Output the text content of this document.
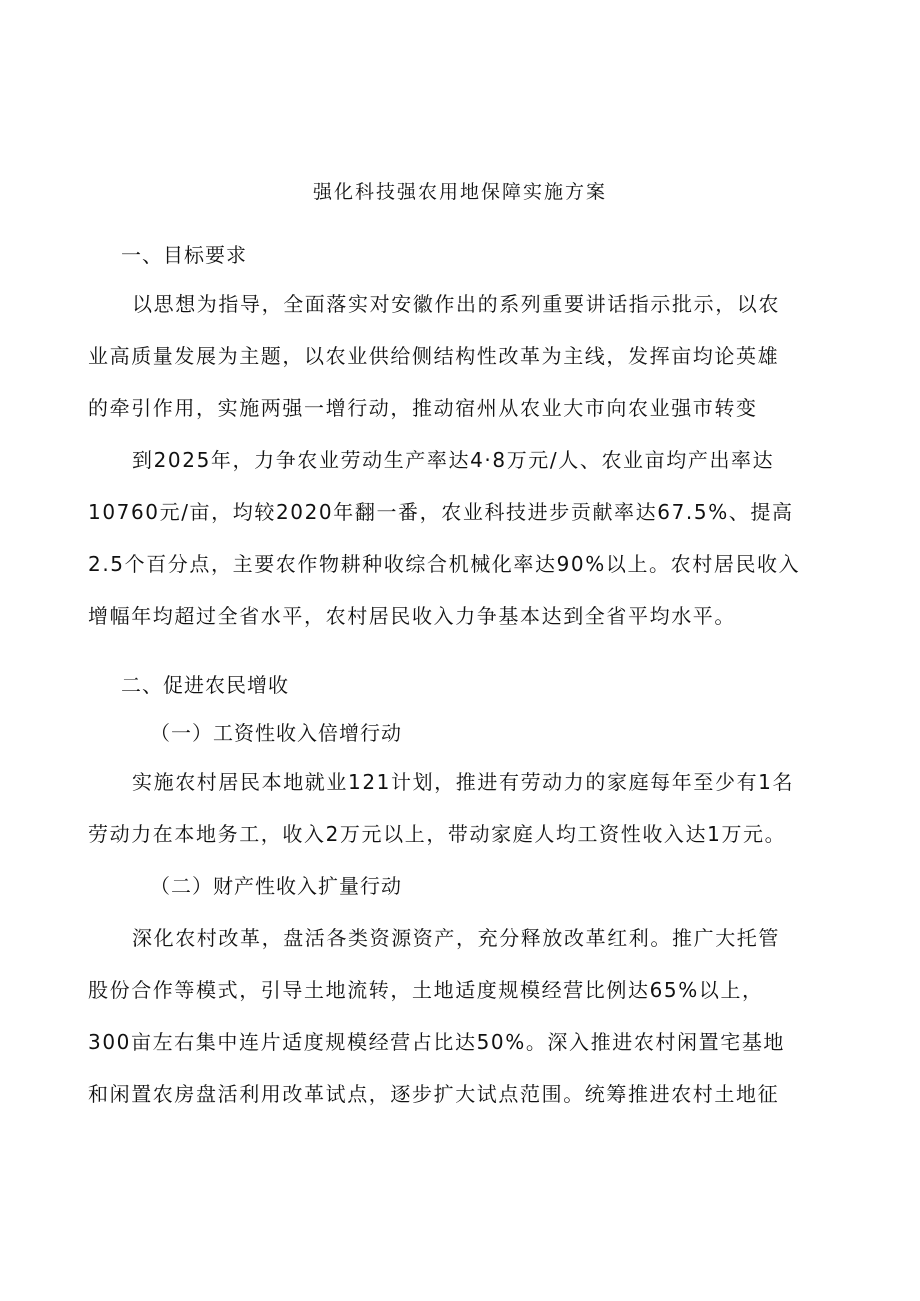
强化科技强农用地保障实施方案
一、目标要求
以思想为指导，全面落实对安徽作出的系列重要讲话指示批示，以农
业高质量发展为主题，以农业供给侧结构性改革为主线，发挥亩均论英雄
的牵引作用，实施两强一增行动，推动宿州从农业大市向农业强市转变
到2025年，力争农业劳动生产率达4·8万元/人、农业亩均产出率达
10760元/亩，均较2020年翻一番，农业科技进步贡献率达67.5%、提高
2.5个百分点，主要农作物耕种收综合机械化率达90%以上。农村居民收入
增幅年均超过全省水平，农村居民收入力争基本达到全省平均水平。
二、促进农民增收
（一）工资性收入倍增行动
实施农村居民本地就业121计划，推进有劳动力的家庭每年至少有1名
劳动力在本地务工，收入2万元以上，带动家庭人均工资性收入达1万元。
（二）财产性收入扩量行动
深化农村改革，盘活各类资源资产，充分释放改革红利。推广大托管
股份合作等模式，引导土地流转，土地适度规模经营比例达65%以上，
300亩左右集中连片适度规模经营占比达50%。深入推进农村闲置宅基地
和闲置农房盘活利用改革试点，逐步扩大试点范围。统筹推进农村土地征
